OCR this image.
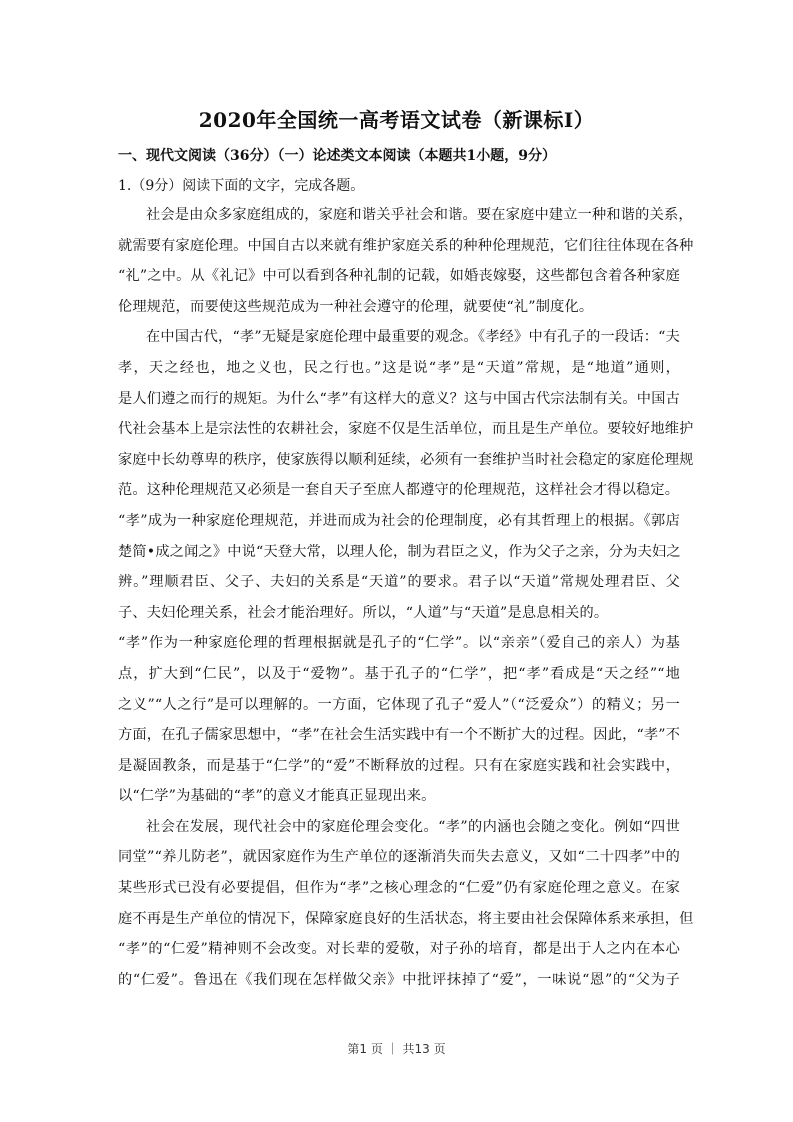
2020年全国统一高考语文试卷（新课标Ⅰ）
一、现代文阅读（36分）（一）论述类文本阅读（本题共1小题，9分）
1.（9分）阅读下面的文字，完成各题。
社会是由众多家庭组成的，家庭和谐关乎社会和谐。要在家庭中建立一种和谐的关系，
就需要有家庭伦理。中国自古以来就有维护家庭关系的种种伦理规范，它们往往体现在各种
“礼”之中。从《礼记》中可以看到各种礼制的记载，如婚丧嫁娶，这些都包含着各种家庭
伦理规范，而要使这些规范成为一种社会遵守的伦理，就要使“礼”制度化。
在中国古代，“孝”无疑是家庭伦理中最重要的观念。《孝经》中有孔子的一段话：“夫
孝，天之经也，地之义也，民之行也。”这是说“孝”是“天道”常规，是“地道”通则，
是人们遵之而行的规矩。为什么“孝”有这样大的意义？这与中国古代宗法制有关。中国古
代社会基本上是宗法性的农耕社会，家庭不仅是生活单位，而且是生产单位。要较好地维护
家庭中长幼尊卑的秩序，使家族得以顺利延续，必须有一套维护当时社会稳定的家庭伦理规
范。这种伦理规范又必须是一套自天子至庶人都遵守的伦理规范，这样社会才得以稳定。
“孝”成为一种家庭伦理规范，并进而成为社会的伦理制度，必有其哲理上的根据。《郭店
楚简•成之闻之》中说“天登大常，以理人伦，制为君臣之义，作为父子之亲，分为夫妇之
辨。”理顺君臣、父子、夫妇的关系是“天道”的要求。君子以“天道”常规处理君臣、父
子、夫妇伦理关系，社会才能治理好。所以，“人道”与“天道”是息息相关的。
“孝”作为一种家庭伦理的哲理根据就是孔子的“仁学”。以“亲亲”（爱自己的亲人）为基
点，扩大到“仁民”，以及于“爱物”。基于孔子的“仁学”，把“孝”看成是“天之经”“地
之义”“人之行”是可以理解的。一方面，它体现了孔子“爱人”（“泛爱众”）的精义；另一
方面，在孔子儒家思想中，“孝”在社会生活实践中有一个不断扩大的过程。因此，“孝”不
是凝固教条，而是基于“仁学”的“爱”不断释放的过程。只有在家庭实践和社会实践中，
以“仁学”为基础的“孝”的意义才能真正显现出来。
社会在发展，现代社会中的家庭伦理会变化。“孝”的内涵也会随之变化。例如“四世
同堂”“养儿防老”，就因家庭作为生产单位的逐渐消失而失去意义，又如“二十四孝”中的
某些形式已没有必要提倡，但作为“孝”之核心理念的“仁爱”仍有家庭伦理之意义。在家
庭不再是生产单位的情况下，保障家庭良好的生活状态，将主要由社会保障体系来承担，但
“孝”的“仁爱”精神则不会改变。对长辈的爱敬，对子孙的培育，都是出于人之内在本心
的“仁爱”。鲁迅在《我们现在怎样做父亲》中批评抹掉了“爱”，一味说“恩”的“父为子
第1 页 ｜ 共13 页
